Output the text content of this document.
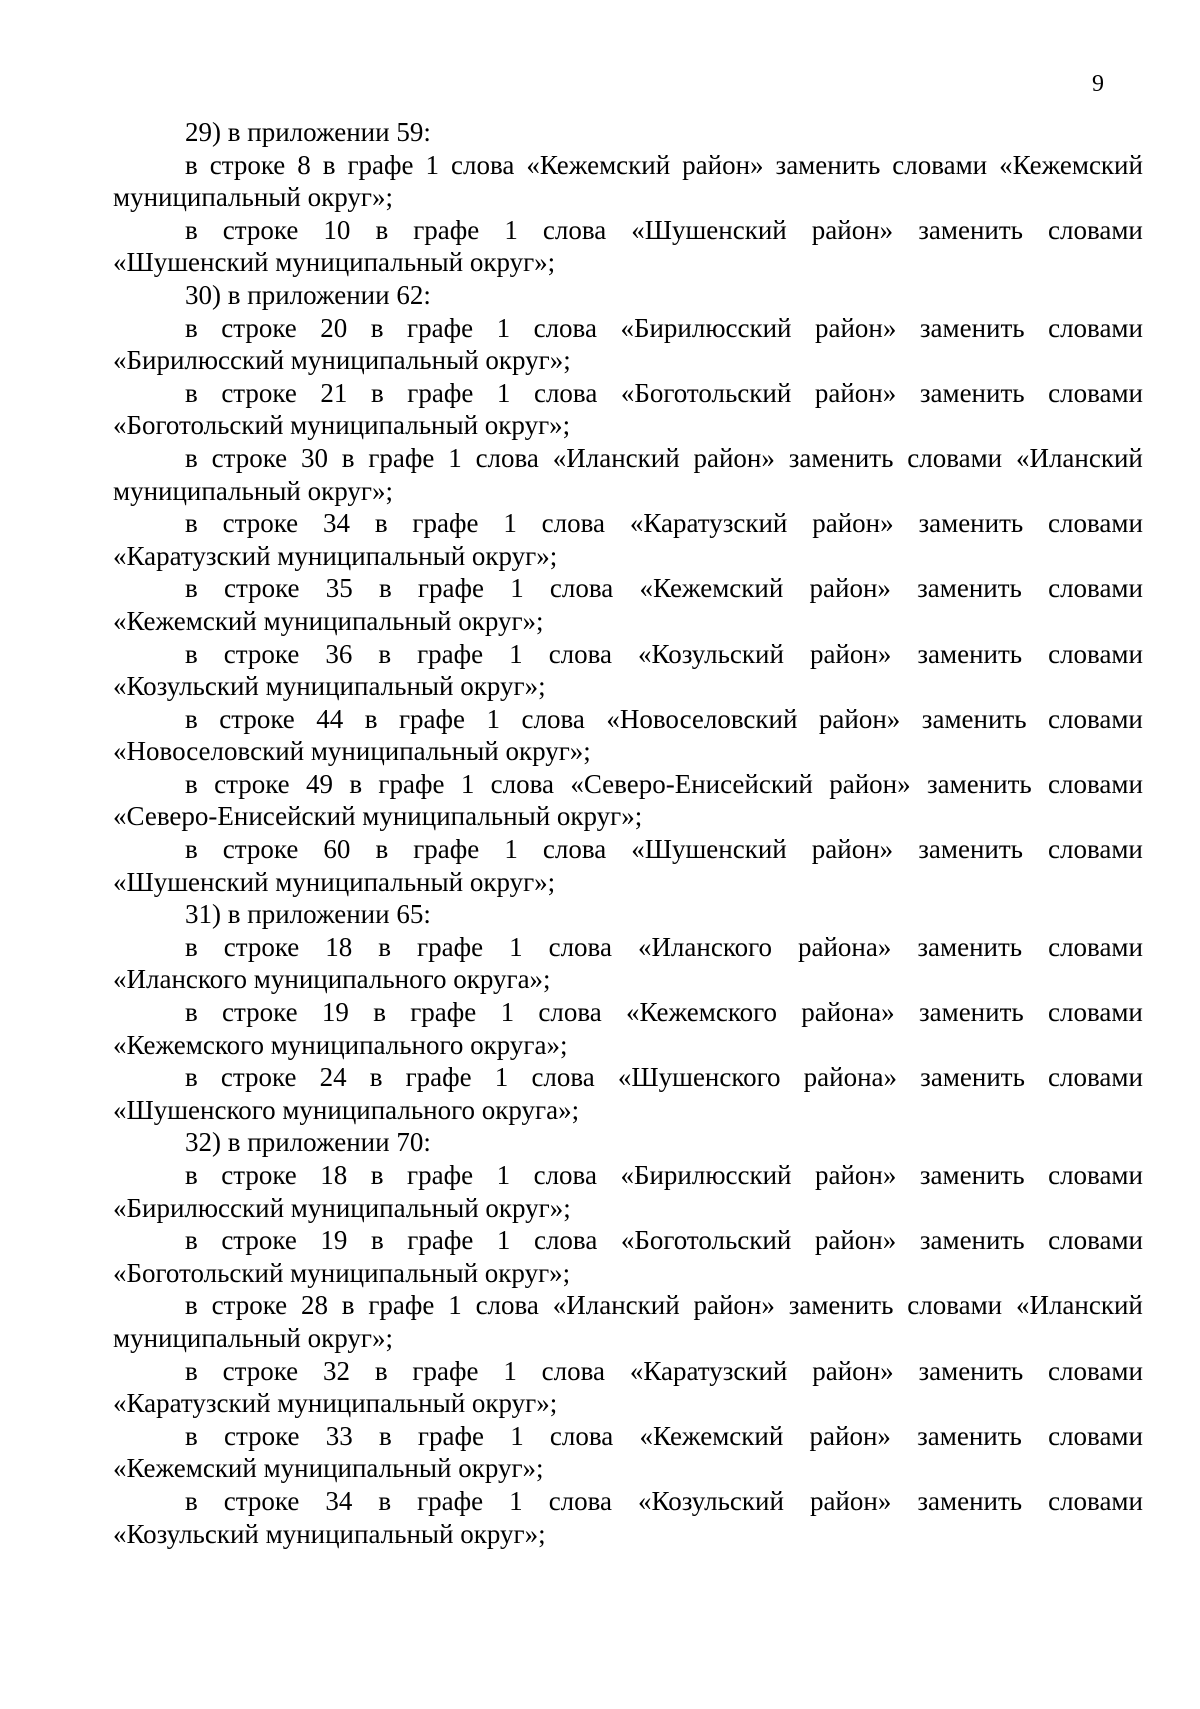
9
29) в приложении 59:
в строке 8 в графе 1 слова «Кежемский район» заменить словами «Кежемский
муниципальный округ»;
в строке 10 в графе 1 слова «Шушенский район» заменить словами
«Шушенский муниципальный округ»;
30) в приложении 62:
в строке 20 в графе 1 слова «Бирилюсский район» заменить словами
«Бирилюсский муниципальный округ»;
в строке 21 в графе 1 слова «Боготольский район» заменить словами
«Боготольский муниципальный округ»;
в строке 30 в графе 1 слова «Иланский район» заменить словами «Иланский
муниципальный округ»;
в строке 34 в графе 1 слова «Каратузский район» заменить словами
«Каратузский муниципальный округ»;
в строке 35 в графе 1 слова «Кежемский район» заменить словами
«Кежемский муниципальный округ»;
в строке 36 в графе 1 слова «Козульский район» заменить словами
«Козульский муниципальный округ»;
в строке 44 в графе 1 слова «Новоселовский район» заменить словами
«Новоселовский муниципальный округ»;
в строке 49 в графе 1 слова «Северо-Енисейский район» заменить словами
«Северо-Енисейский муниципальный округ»;
в строке 60 в графе 1 слова «Шушенский район» заменить словами
«Шушенский муниципальный округ»;
31) в приложении 65:
в строке 18 в графе 1 слова «Иланского района» заменить словами
«Иланского муниципального округа»;
в строке 19 в графе 1 слова «Кежемского района» заменить словами
«Кежемского муниципального округа»;
в строке 24 в графе 1 слова «Шушенского района» заменить словами
«Шушенского муниципального округа»;
32) в приложении 70:
в строке 18 в графе 1 слова «Бирилюсский район» заменить словами
«Бирилюсский муниципальный округ»;
в строке 19 в графе 1 слова «Боготольский район» заменить словами
«Боготольский муниципальный округ»;
в строке 28 в графе 1 слова «Иланский район» заменить словами «Иланский
муниципальный округ»;
в строке 32 в графе 1 слова «Каратузский район» заменить словами
«Каратузский муниципальный округ»;
в строке 33 в графе 1 слова «Кежемский район» заменить словами
«Кежемский муниципальный округ»;
в строке 34 в графе 1 слова «Козульский район» заменить словами
«Козульский муниципальный округ»;
